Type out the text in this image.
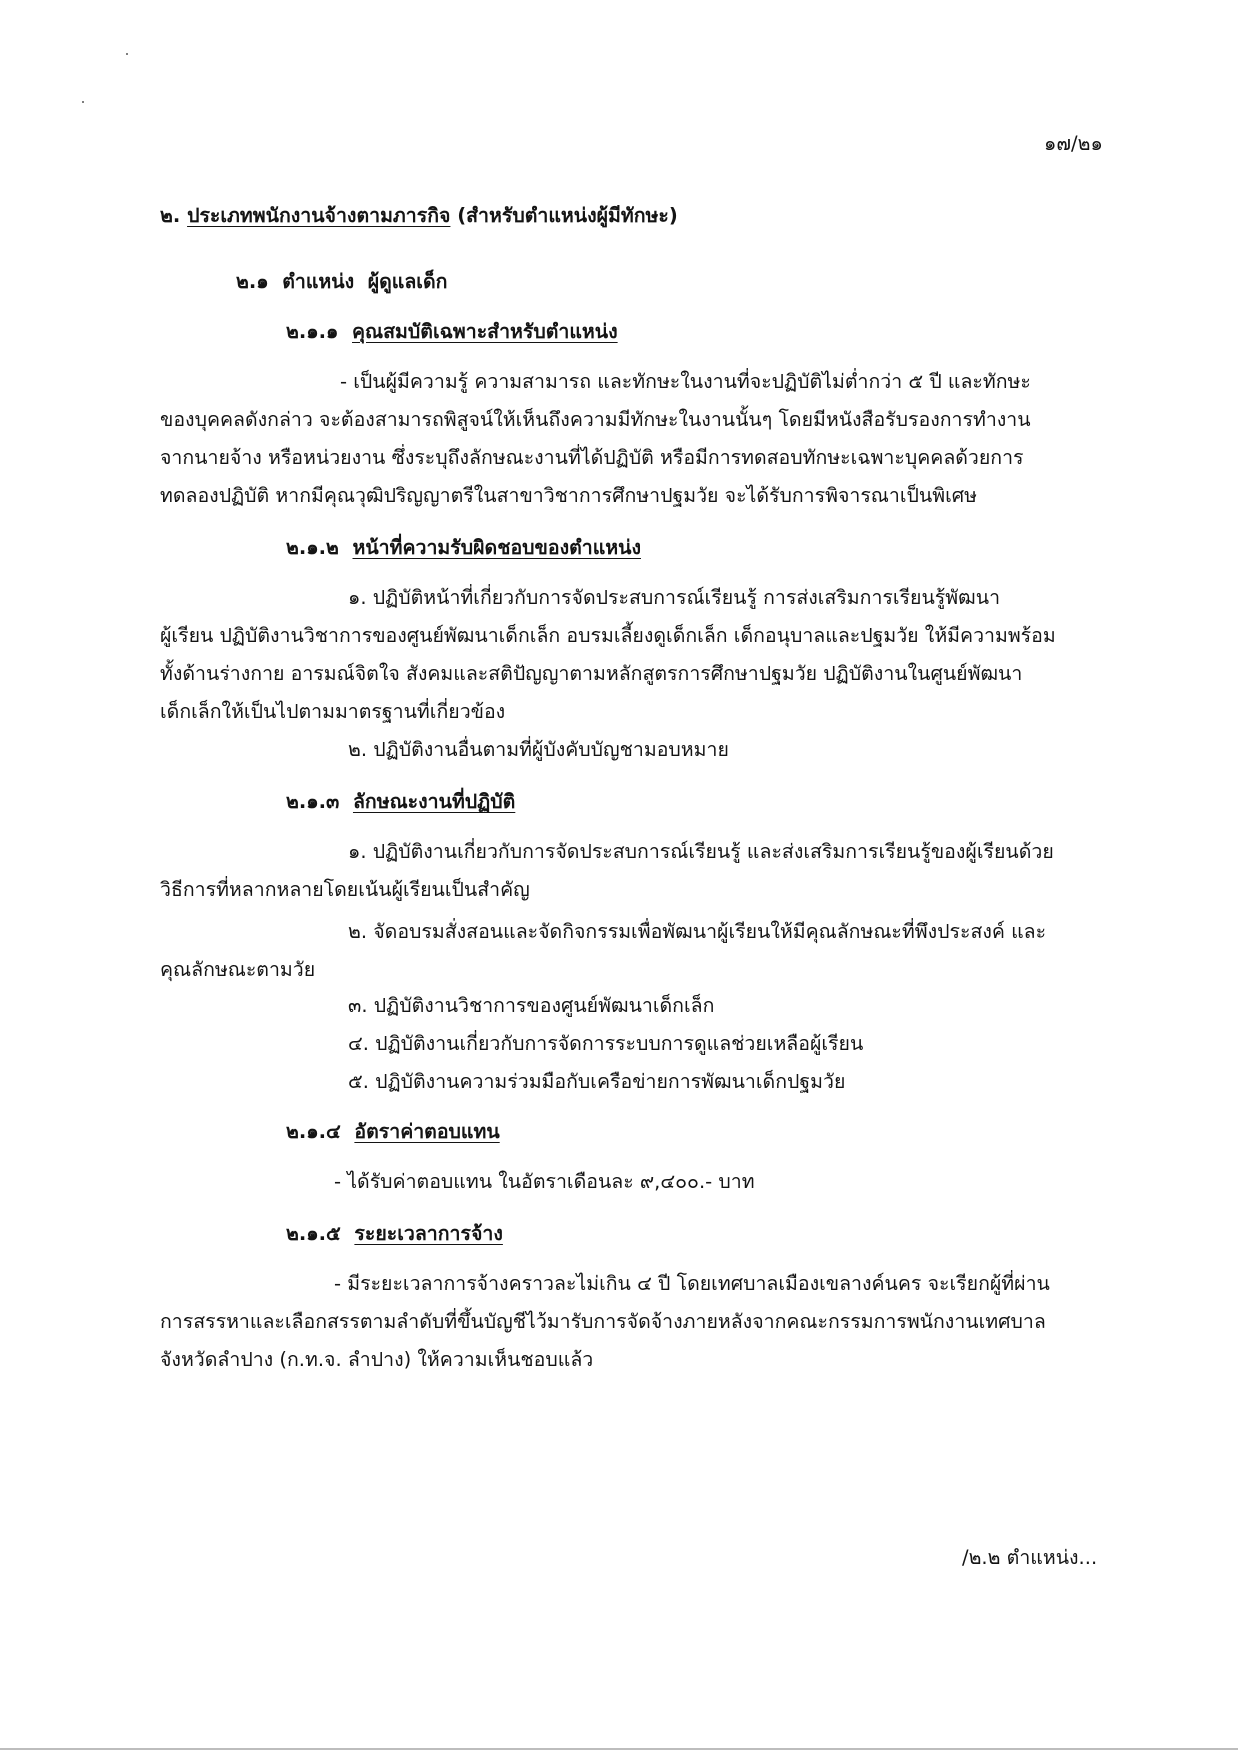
๑๗/๒๑
๒. ประเภทพนักงานจ้างตามภารกิจ (สำหรับตำแหน่งผู้มีทักษะ)
๒.๑ ตำแหน่ง ผู้ดูแลเด็ก
๒.๑.๑ คุณสมบัติเฉพาะสำหรับตำแหน่ง
- เป็นผู้มีความรู้ ความสามารถ และทักษะในงานที่จะปฏิบัติไม่ต่ำกว่า ๕ ปี และทักษะ
ของบุคคลดังกล่าว จะต้องสามารถพิสูจน์ให้เห็นถึงความมีทักษะในงานนั้นๆ โดยมีหนังสือรับรองการทำงาน
จากนายจ้าง หรือหน่วยงาน ซึ่งระบุถึงลักษณะงานที่ได้ปฏิบัติ หรือมีการทดสอบทักษะเฉพาะบุคคลด้วยการ
ทดลองปฏิบัติ หากมีคุณวุฒิปริญญาตรีในสาขาวิชาการศึกษาปฐมวัย จะได้รับการพิจารณาเป็นพิเศษ
๒.๑.๒ หน้าที่ความรับผิดชอบของตำแหน่ง
๑. ปฏิบัติหน้าที่เกี่ยวกับการจัดประสบการณ์เรียนรู้ การส่งเสริมการเรียนรู้พัฒนา
ผู้เรียน ปฏิบัติงานวิชาการของศูนย์พัฒนาเด็กเล็ก อบรมเลี้ยงดูเด็กเล็ก เด็กอนุบาลและปฐมวัย ให้มีความพร้อม
ทั้งด้านร่างกาย อารมณ์จิตใจ สังคมและสติปัญญาตามหลักสูตรการศึกษาปฐมวัย ปฏิบัติงานในศูนย์พัฒนา
เด็กเล็กให้เป็นไปตามมาตรฐานที่เกี่ยวข้อง
๒. ปฏิบัติงานอื่นตามที่ผู้บังคับบัญชามอบหมาย
๒.๑.๓ ลักษณะงานที่ปฏิบัติ
๑. ปฏิบัติงานเกี่ยวกับการจัดประสบการณ์เรียนรู้ และส่งเสริมการเรียนรู้ของผู้เรียนด้วย
วิธีการที่หลากหลายโดยเน้นผู้เรียนเป็นสำคัญ
๒. จัดอบรมสั่งสอนและจัดกิจกรรมเพื่อพัฒนาผู้เรียนให้มีคุณลักษณะที่พึงประสงค์ และ
คุณลักษณะตามวัย
๓. ปฏิบัติงานวิชาการของศูนย์พัฒนาเด็กเล็ก
๔. ปฏิบัติงานเกี่ยวกับการจัดการระบบการดูแลช่วยเหลือผู้เรียน
๕. ปฏิบัติงานความร่วมมือกับเครือข่ายการพัฒนาเด็กปฐมวัย
๒.๑.๔ อัตราค่าตอบแทน
- ได้รับค่าตอบแทน ในอัตราเดือนละ ๙,๔๐๐.- บาท
๒.๑.๕ ระยะเวลาการจ้าง
- มีระยะเวลาการจ้างคราวละไม่เกิน ๔ ปี โดยเทศบาลเมืองเขลางค์นคร จะเรียกผู้ที่ผ่าน
การสรรหาและเลือกสรรตามลำดับที่ขึ้นบัญชีไว้มารับการจัดจ้างภายหลังจากคณะกรรมการพนักงานเทศบาล
จังหวัดลำปาง (ก.ท.จ. ลำปาง) ให้ความเห็นชอบแล้ว
/๒.๒ ตำแหน่ง...
